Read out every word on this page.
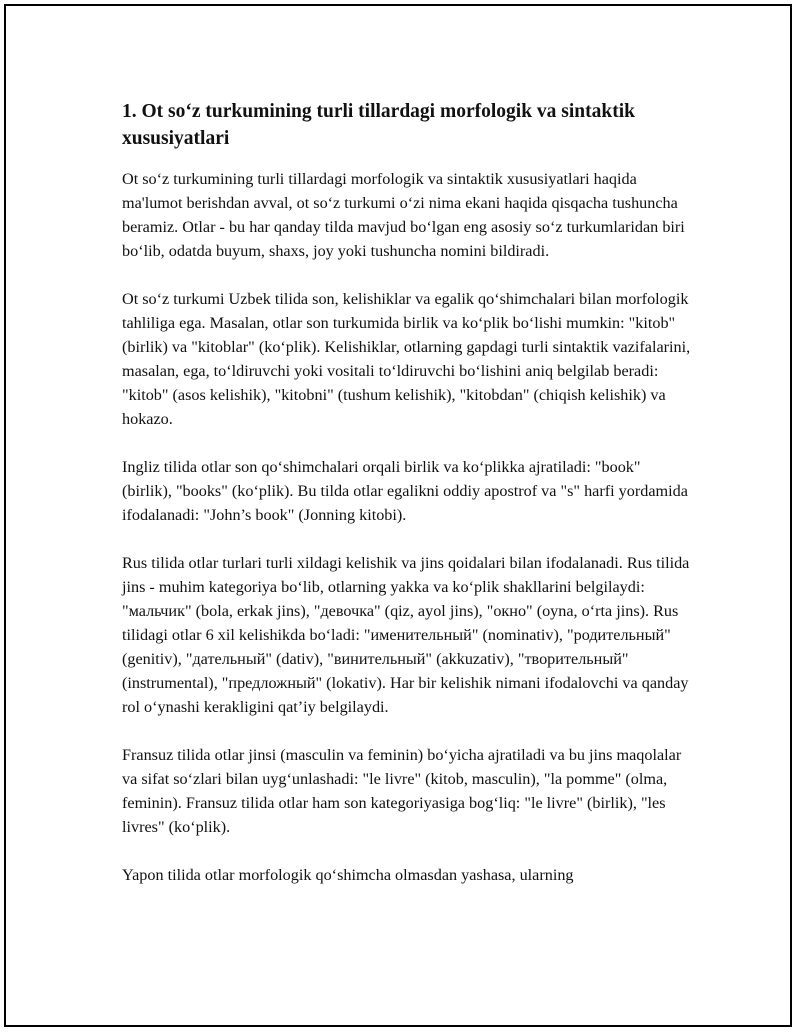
1. Ot so‘z turkumining turli tillardagi morfologik va sintaktik xususiyatlari

Ot so‘z turkumining turli tillardagi morfologik va sintaktik xususiyatlari haqida ma'lumot berishdan avval, ot so‘z turkumi o‘zi nima ekani haqida qisqacha tushuncha beramiz. Otlar - bu har qanday tilda mavjud bo‘lgan eng asosiy so‘z turkumlaridan biri bo‘lib, odatda buyum, shaxs, joy yoki tushuncha nomini bildiradi.

Ot so‘z turkumi Uzbek tilida son, kelishiklar va egalik qo‘shimchalari bilan morfologik tahliliga ega. Masalan, otlar son turkumida birlik va ko‘plik bo‘lishi mumkin: "kitob" (birlik) va "kitoblar" (ko‘plik). Kelishiklar, otlarning gapdagi turli sintaktik vazifalarini, masalan, ega, to‘ldiruvchi yoki vositali to‘ldiruvchi bo‘lishini aniq belgilab beradi: "kitob" (asos kelishik), "kitobni" (tushum kelishik), "kitobdan" (chiqish kelishik) va hokazo.

Ingliz tilida otlar son qo‘shimchalari orqali birlik va ko‘plikka ajratiladi: "book" (birlik), "books" (ko‘plik). Bu tilda otlar egalikni oddiy apostrof va "s" harfi yordamida ifodalanadi: "John’s book" (Jonning kitobi).

Rus tilida otlar turlari turli xildagi kelishik va jins qoidalari bilan ifodalanadi. Rus tilida jins - muhim kategoriya bo‘lib, otlarning yakka va ko‘plik shakllarini belgilaydi: "мальчик" (bola, erkak jins), "девочка" (qiz, ayol jins), "окно" (oyna, o‘rta jins). Rus tilidagi otlar 6 xil kelishikda bo‘ladi: "именительный" (nominativ), "родительный" (genitiv), "дательный" (dativ), "винительный" (akkuzativ), "творительный" (instrumental), "предложный" (lokativ). Har bir kelishik nimani ifodalovchi va qanday rol o‘ynashi kerakligini qat’iy belgilaydi.

Fransuz tilida otlar jinsi (masculin va feminin) bo‘yicha ajratiladi va bu jins maqolalar va sifat so‘zlari bilan uyg‘unlashadi: "le livre" (kitob, masculin), "la pomme" (olma, feminin). Fransuz tilida otlar ham son kategoriyasiga bog‘liq: "le livre" (birlik), "les livres" (ko‘plik).

Yapon tilida otlar morfologik qo‘shimcha olmasdan yashasa, ularning
